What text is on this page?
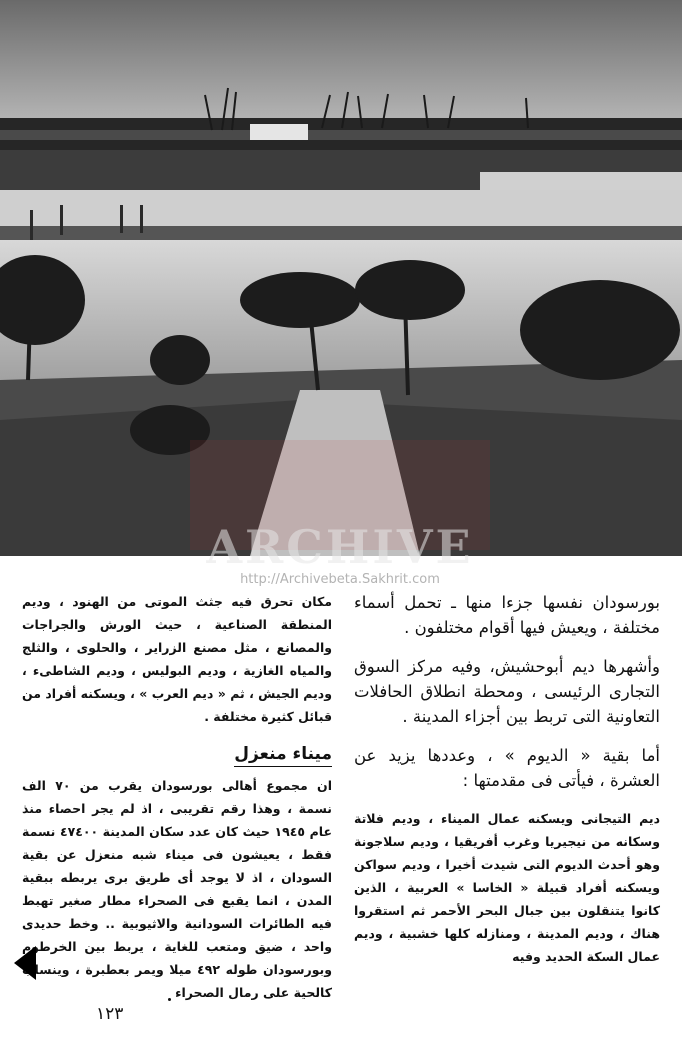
ARCHIVE
http://Archivebeta.Sakhrit.com

بورسودان نفسها جزءا منها ـ تحمل أسماء مختلفة ، ويعيش فيها أقوام مختلفون .

وأشهرها ديم أبوحشيش، وفيه مركز السوق التجارى الرئيسى ، ومحطة انطلاق الحافلات التعاونية التى تربط بين أجزاء المدينة .

أما بقية « الديوم » ، وعددها يزيد عن العشرة ، فيأتى فى مقدمتها :

ديم التيجانى ويسكنه عمال الميناء ، وديم فلاتة وسكانه من نيجيريا وغرب أفريقيا ، وديم سلاجونة وهو أحدث الديوم التى شيدت أخيرا ، وديم سواكن ويسكنه أفراد قبيلة « الخاسا » العربية ، الذين كانوا يتنقلون بين جبال البحر الأحمر ثم استقروا هناك ، وديم المدينة ، ومنازله كلها خشبية ، وديم عمال السكة الحديد وفيه

مكان تحرق فيه جثث الموتى من الهنود ، وديم المنطقة الصناعية ، حيث الورش والجراجات والمصانع ، مثل مصنع الزراير ، والحلوى ، والثلج والمياه الغازية ، وديم البوليس ، وديم الشاطىء ، وديم الجيش ، ثم « ديم العرب » ، ويسكنه أفراد من قبائل كثيرة مختلفة .

ميناء منعزل

ان مجموع أهالى بورسودان يقرب من ٧٠ الف نسمة ، وهذا رقم تقريبى ، اذ لم يجر احصاء منذ عام ١٩٤٥ حيث كان عدد سكان المدينة ٤٧٤٠٠ نسمة فقط ، يعيشون فى ميناء شبه منعزل عن بقية السودان ، اذ لا يوجد أى طريق برى يربطه ببقية المدن ، انما يقبع فى الصحراء مطار صغير تهبط فيه الطائرات السودانية والاثيوبية .. وخط حديدى واحد ، ضيق ومتعب للغاية ، يربط بين الخرطوم وبورسودان طوله ٤٩٢ ميلا ويمر بعطبرة ، وينساب كالحية على رمال الصحراء

١٢٣
